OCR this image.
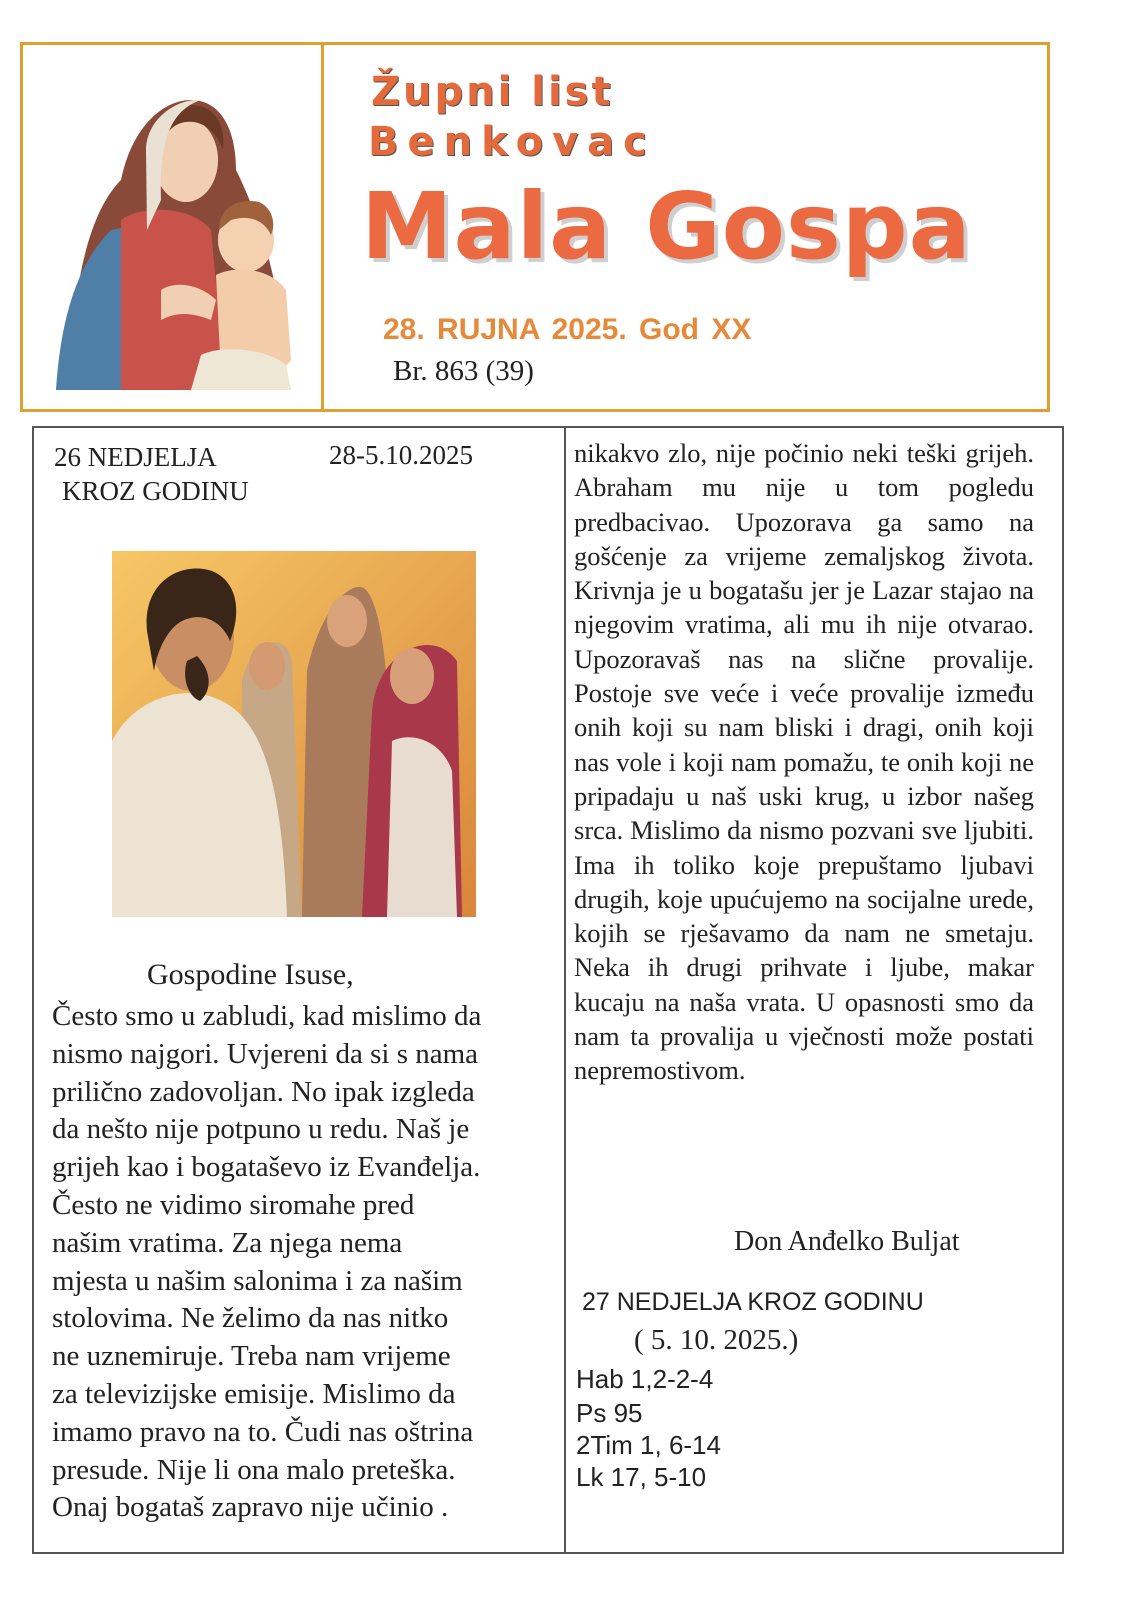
Župni list
Benkovac
Mala Gospa
28. RUJNA 2025. God XX
Br. 863 (39)
26 NEDJELJA
KROZ GODINU
28-5.10.2025
Gospodine Isuse,
Često smo u zabludi, kad mislimo da
nismo najgori. Uvjereni da si s nama
prilično zadovoljan. No ipak izgleda
da nešto nije potpuno u redu. Naš je
grijeh kao i bogataševo iz Evanđelja.
Često ne vidimo siromahe pred
našim vratima. Za njega nema
mjesta u našim salonima i za našim
stolovima. Ne želimo da nas nitko
ne uznemiruje. Treba nam vrijeme
za televizijske emisije. Mislimo da
imamo pravo na to. Čudi nas oštrina
presude. Nije li ona malo preteška.
Onaj bogataš zapravo nije učinio .
nikakvo zlo, nije počinio neki teški grijeh. Abraham mu nije u tom pogledu predbacivao. Upozorava ga samo na gošćenje za vrijeme zemaljskog života. Krivnja je u bogatašu jer je Lazar stajao na njegovim vratima, ali mu ih nije otvarao. Upozoravaš nas na slične provalije. Postoje sve veće i veće provalije između onih koji su nam bliski i dragi, onih koji nas vole i koji nam pomažu, te onih koji ne pripadaju u naš uski krug, u izbor našeg srca. Mislimo da nismo pozvani sve ljubiti. Ima ih toliko koje prepuštamo ljubavi drugih, koje upućujemo na socijalne urede, kojih se rješavamo da nam ne smetaju. Neka ih drugi prihvate i ljube, makar kucaju na naša vrata. U opasnosti smo da nam ta provalija u vječnosti može postati nepremostivom.
Don Anđelko Buljat
27 NEDJELJA KROZ GODINU
( 5. 10. 2025.)
Hab 1,2-2-4
Ps 95
2Tim 1, 6-14
Lk 17, 5-10
